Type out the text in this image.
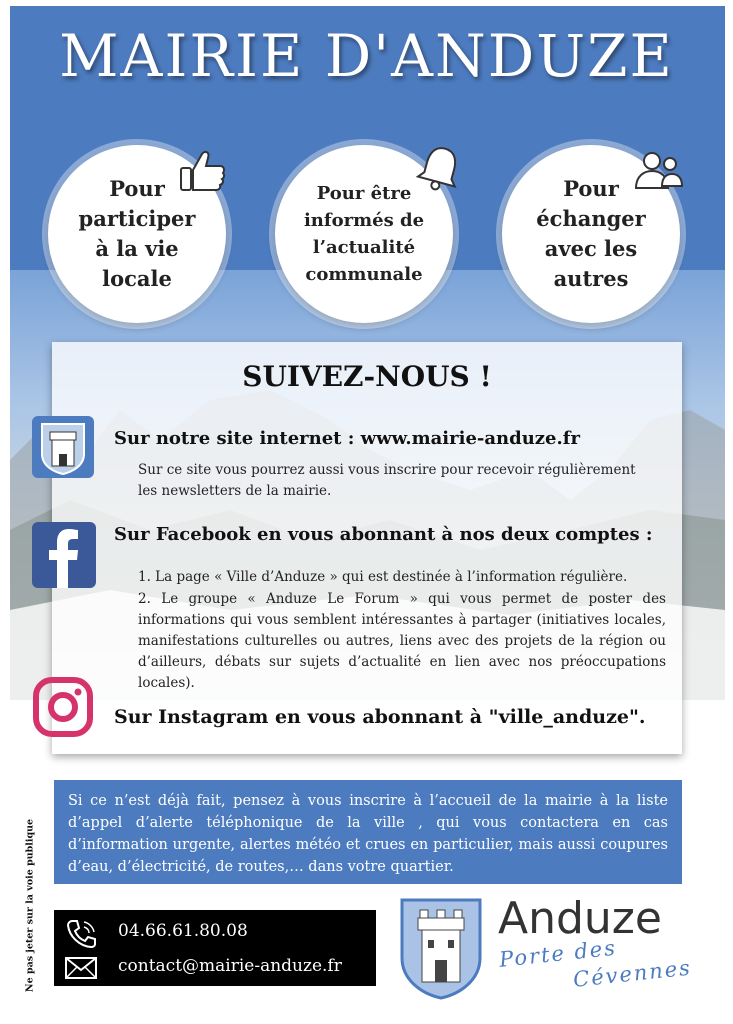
MAIRIE D'ANDUZE
Pour
participer
à la vie
locale
Pour être
informés de
l’actualité
communale
Pour
échanger
avec les
autres
SUIVEZ-NOUS !
Sur notre site internet : www.mairie-anduze.fr
Sur ce site vous pourrez aussi vous inscrire pour recevoir régulièrement
les newsletters de la mairie.
Sur Facebook en vous abonnant à nos deux comptes :
1. La page « Ville d’Anduze » qui est destinée à l’information régulière.
2. Le groupe « Anduze Le Forum » qui vous permet de poster des informations qui vous semblent intéressantes à partager (initiatives locales, manifestations culturelles ou autres, liens avec des projets de la région ou d’ailleurs, débats sur sujets d’actualité en lien avec nos préoccupations locales).
Sur Instagram en vous abonnant à "ville_anduze".
Si ce n’est déjà fait, pensez à vous inscrire à l’accueil de la mairie à la liste d’appel d’alerte téléphonique de la ville , qui vous contactera en cas d’information urgente, alertes météo et crues en particulier, mais aussi coupures d’eau, d’électricité, de routes,… dans votre quartier.
Ne pas jeter sur la voie publique	04.66.61.80.08
contact@mairie-anduze.fr
Anduze
Porte des
Cévennes
